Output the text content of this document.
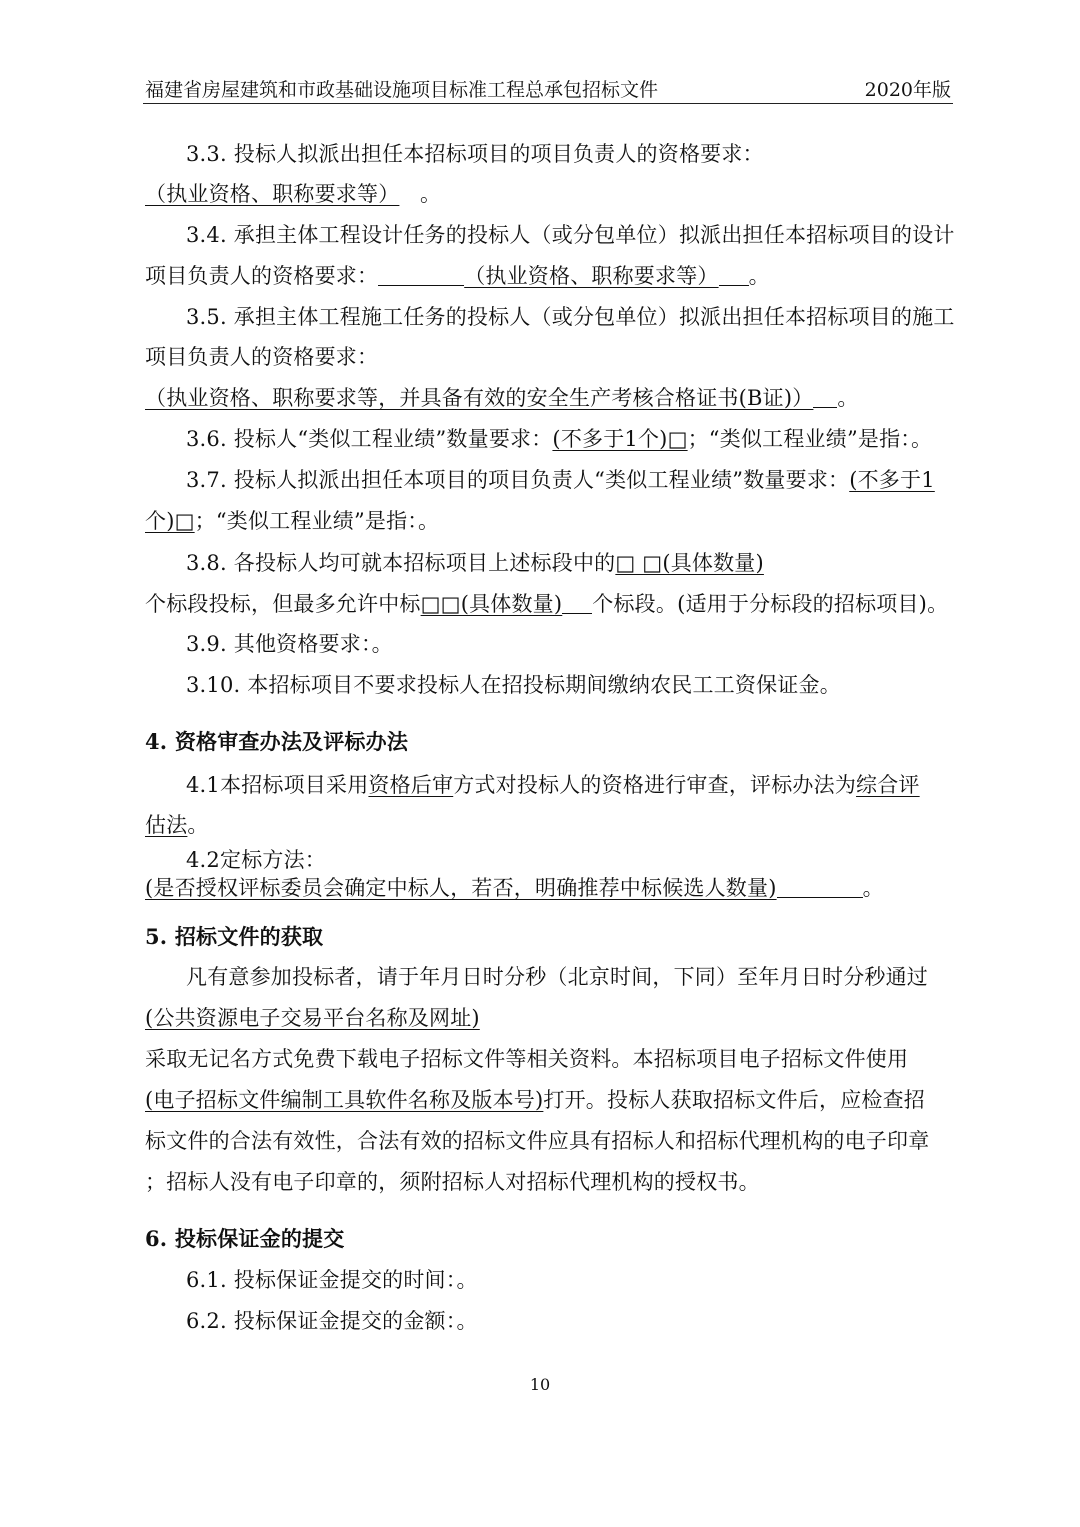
福建省房屋建筑和市政基础设施项目标准工程总承包招标文件	2020年版
3.3. 投标人拟派出担任本招标项目的项目负责人的资格要求：
（执业资格、职称要求等） 。
3.4. 承担主体工程设计任务的投标人（或分包单位）拟派出担任本招标项目的设计
项目负责人的资格要求：	（执业资格、职称要求等） 。
3.5. 承担主体工程施工任务的投标人（或分包单位）拟派出担任本招标项目的施工
项目负责人的资格要求：
（执业资格、职称要求等，并具备有效的安全生产考核合格证书(B证)） 。
3.6. 投标人“类似工程业绩”数量要求：(不多于1个)□；“类似工程业绩”是指：。
3.7. 投标人拟派出担任本项目的项目负责人“类似工程业绩”数量要求：(不多于1
个)□；“类似工程业绩”是指：。
3.8. 各投标人均可就本招标项目上述标段中的□ □(具体数量)
个标段投标，但最多允许中标□□(具体数量) 个标段。(适用于分标段的招标项目)。
3.9. 其他资格要求：。
3.10. 本招标项目不要求投标人在招投标期间缴纳农民工工资保证金。
4. 资格审查办法及评标办法
4.1本招标项目采用资格后审方式对投标人的资格进行审查，评标办法为综合评
估法。
4.2定标方法：
(是否授权评标委员会确定中标人，若否，明确推荐中标候选人数量)	。
5. 招标文件的获取
凡有意参加投标者，请于年月日时分秒（北京时间，下同）至年月日时分秒通过
(公共资源电子交易平台名称及网址)
采取无记名方式免费下载电子招标文件等相关资料。本招标项目电子招标文件使用
(电子招标文件编制工具软件名称及版本号)打开。投标人获取招标文件后，应检查招
标文件的合法有效性，合法有效的招标文件应具有招标人和招标代理机构的电子印章
；招标人没有电子印章的，须附招标人对招标代理机构的授权书。
6. 投标保证金的提交
6.1. 投标保证金提交的时间：。
6.2. 投标保证金提交的金额：。
10
